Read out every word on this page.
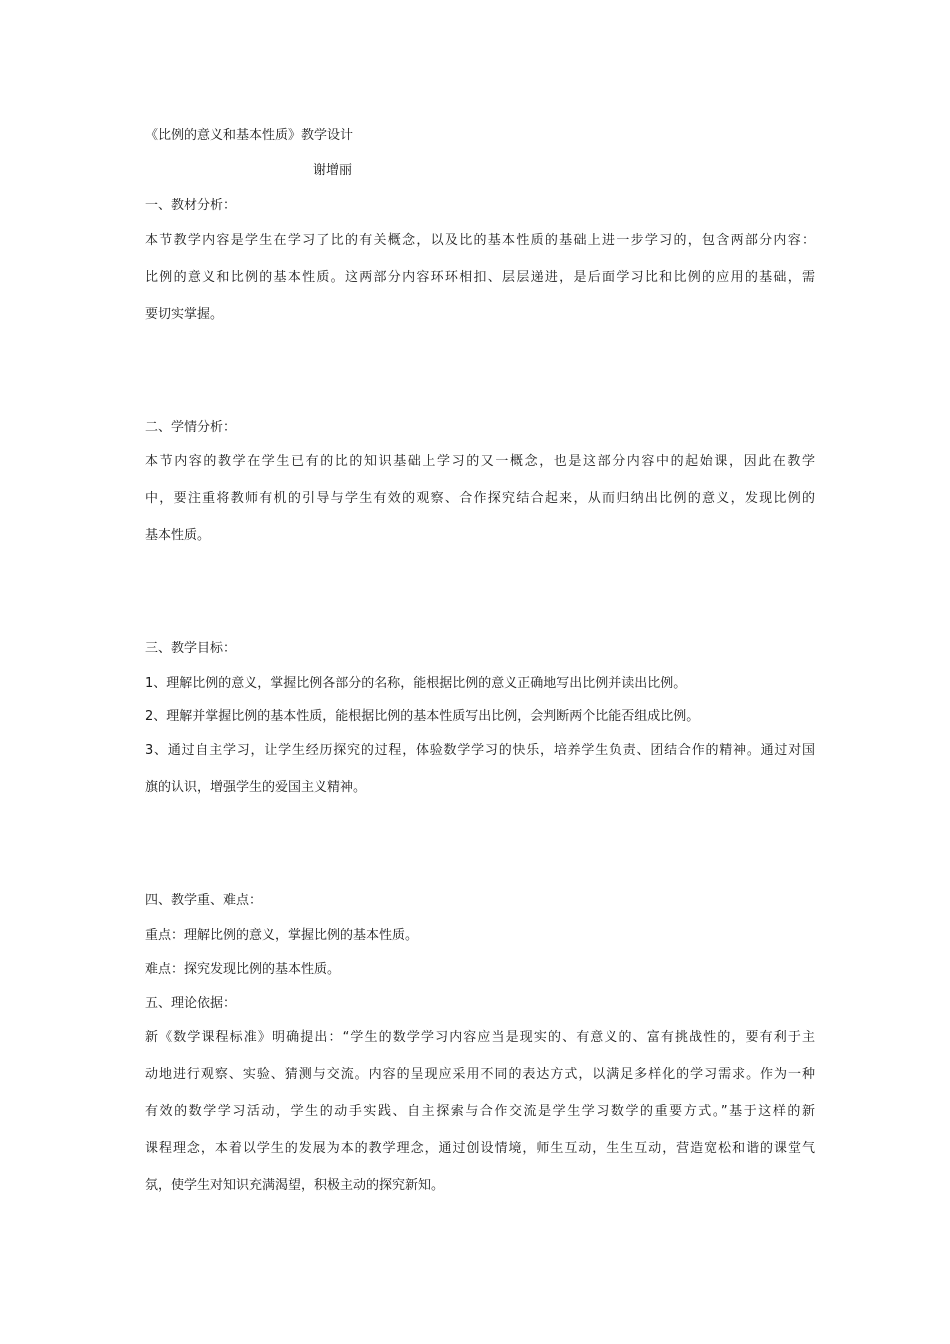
《比例的意义和基本性质》教学设计
谢增丽
一、教材分析：
本节教学内容是学生在学习了比的有关概念，以及比的基本性质的基础上进一步学习的，包含两部分内容：
比例的意义和比例的基本性质。这两部分内容环环相扣、层层递进，是后面学习比和比例的应用的基础，需
要切实掌握。
二、学情分析：
本节内容的教学在学生已有的比的知识基础上学习的又一概念，也是这部分内容中的起始课，因此在教学
中，要注重将教师有机的引导与学生有效的观察、合作探究结合起来，从而归纳出比例的意义，发现比例的
基本性质。
三、教学目标：
1、理解比例的意义，掌握比例各部分的名称，能根据比例的意义正确地写出比例并读出比例。
2、理解并掌握比例的基本性质，能根据比例的基本性质写出比例，会判断两个比能否组成比例。
3、通过自主学习，让学生经历探究的过程，体验数学学习的快乐，培养学生负责、团结合作的精神。通过对国
旗的认识，增强学生的爱国主义精神。
四、教学重、难点：
重点：理解比例的意义，掌握比例的基本性质。
难点：探究发现比例的基本性质。
五、理论依据：
新《数学课程标准》明确提出：“学生的数学学习内容应当是现实的、有意义的、富有挑战性的，要有利于主
动地进行观察、实验、猜测与交流。内容的呈现应采用不同的表达方式，以满足多样化的学习需求。作为一种
有效的数学学习活动，学生的动手实践、自主探索与合作交流是学生学习数学的重要方式。”基于这样的新
课程理念，本着以学生的发展为本的教学理念，通过创设情境，师生互动，生生互动，营造宽松和谐的课堂气
氛，使学生对知识充满渴望，积极主动的探究新知。
